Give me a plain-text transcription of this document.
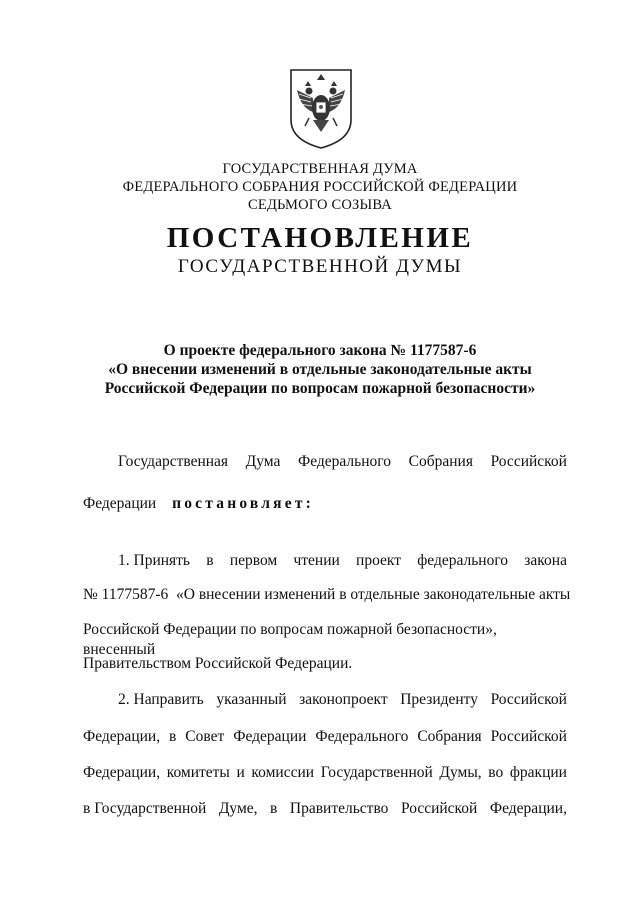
ГОСУДАРСТВЕННАЯ ДУМА
ФЕДЕРАЛЬНОГО СОБРАНИЯ РОССИЙСКОЙ ФЕДЕРАЦИИ
СЕДЬМОГО СОЗЫВА
ПОСТАНОВЛЕНИЕ
ГОСУДАРСТВЕННОЙ ДУМЫ
О проекте федерального закона № 1177587-6
«О внесении изменений в отдельные законодательные акты
Российской Федерации по вопросам пожарной безопасности»
Государственная Дума Федерального Собрания Российской
Федерации постановляет:
1. Принять в первом чтении проект федерального закона
№ 1177587-6  «О внесении изменений в отдельные законодательные акты
Российской Федерации по вопросам пожарной безопасности», внесенный
Правительством Российской Федерации.
2. Направить указанный законопроект Президенту Российской
Федерации, в Совет Федерации Федерального Собрания Российской
Федерации, комитеты и комиссии Государственной Думы, во фракции
в Государственной Думе, в Правительство Российской Федерации,
